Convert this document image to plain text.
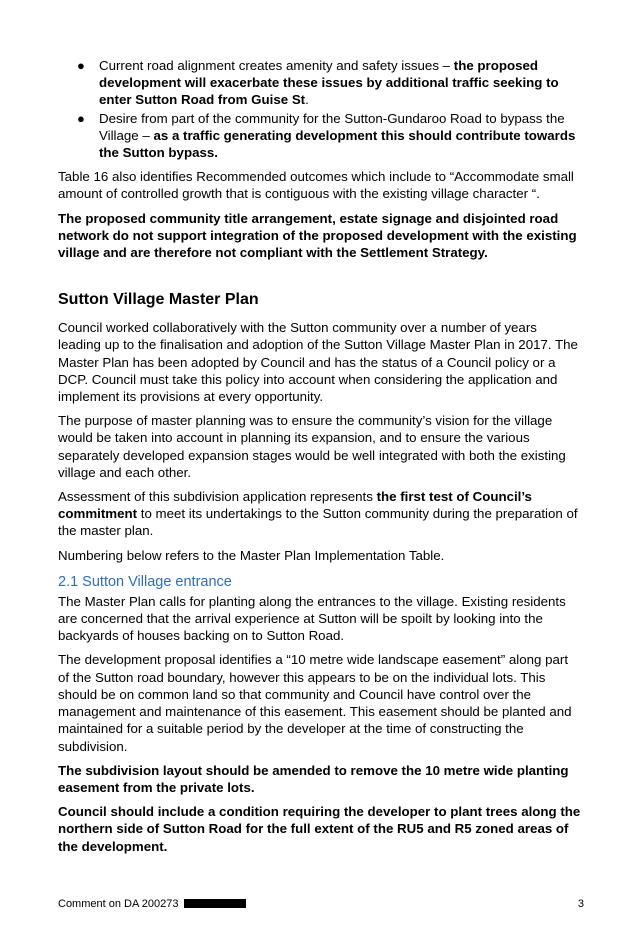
● Current road alignment creates amenity and safety issues – the proposed development will exacerbate these issues by additional traffic seeking to enter Sutton Road from Guise St.
● Desire from part of the community for the Sutton-Gundaroo Road to bypass the Village – as a traffic generating development this should contribute towards the Sutton bypass.

Table 16 also identifies Recommended outcomes which include to “Accommodate small amount of controlled growth that is contiguous with the existing village character “.

The proposed community title arrangement, estate signage and disjointed road network do not support integration of the proposed development with the existing village and are therefore not compliant with the Settlement Strategy.

Sutton Village Master Plan

Council worked collaboratively with the Sutton community over a number of years leading up to the finalisation and adoption of the Sutton Village Master Plan in 2017. The Master Plan has been adopted by Council and has the status of a Council policy or a DCP. Council must take this policy into account when considering the application and implement its provisions at every opportunity.

The purpose of master planning was to ensure the community’s vision for the village would be taken into account in planning its expansion, and to ensure the various separately developed expansion stages would be well integrated with both the existing village and each other.

Assessment of this subdivision application represents the first test of Council’s commitment to meet its undertakings to the Sutton community during the preparation of the master plan.

Numbering below refers to the Master Plan Implementation Table.

2.1 Sutton Village entrance

The Master Plan calls for planting along the entrances to the village. Existing residents are concerned that the arrival experience at Sutton will be spoilt by looking into the backyards of houses backing on to Sutton Road.

The development proposal identifies a “10 metre wide landscape easement” along part of the Sutton road boundary, however this appears to be on the individual lots. This should be on common land so that community and Council have control over the management and maintenance of this easement. This easement should be planted and maintained for a suitable period by the developer at the time of constructing the subdivision.

The subdivision layout should be amended to remove the 10 metre wide planting easement from the private lots.

Council should include a condition requiring the developer to plant trees along the northern side of Sutton Road for the full extent of the RU5 and R5 zoned areas of the development.

Comment on DA 200273	3
